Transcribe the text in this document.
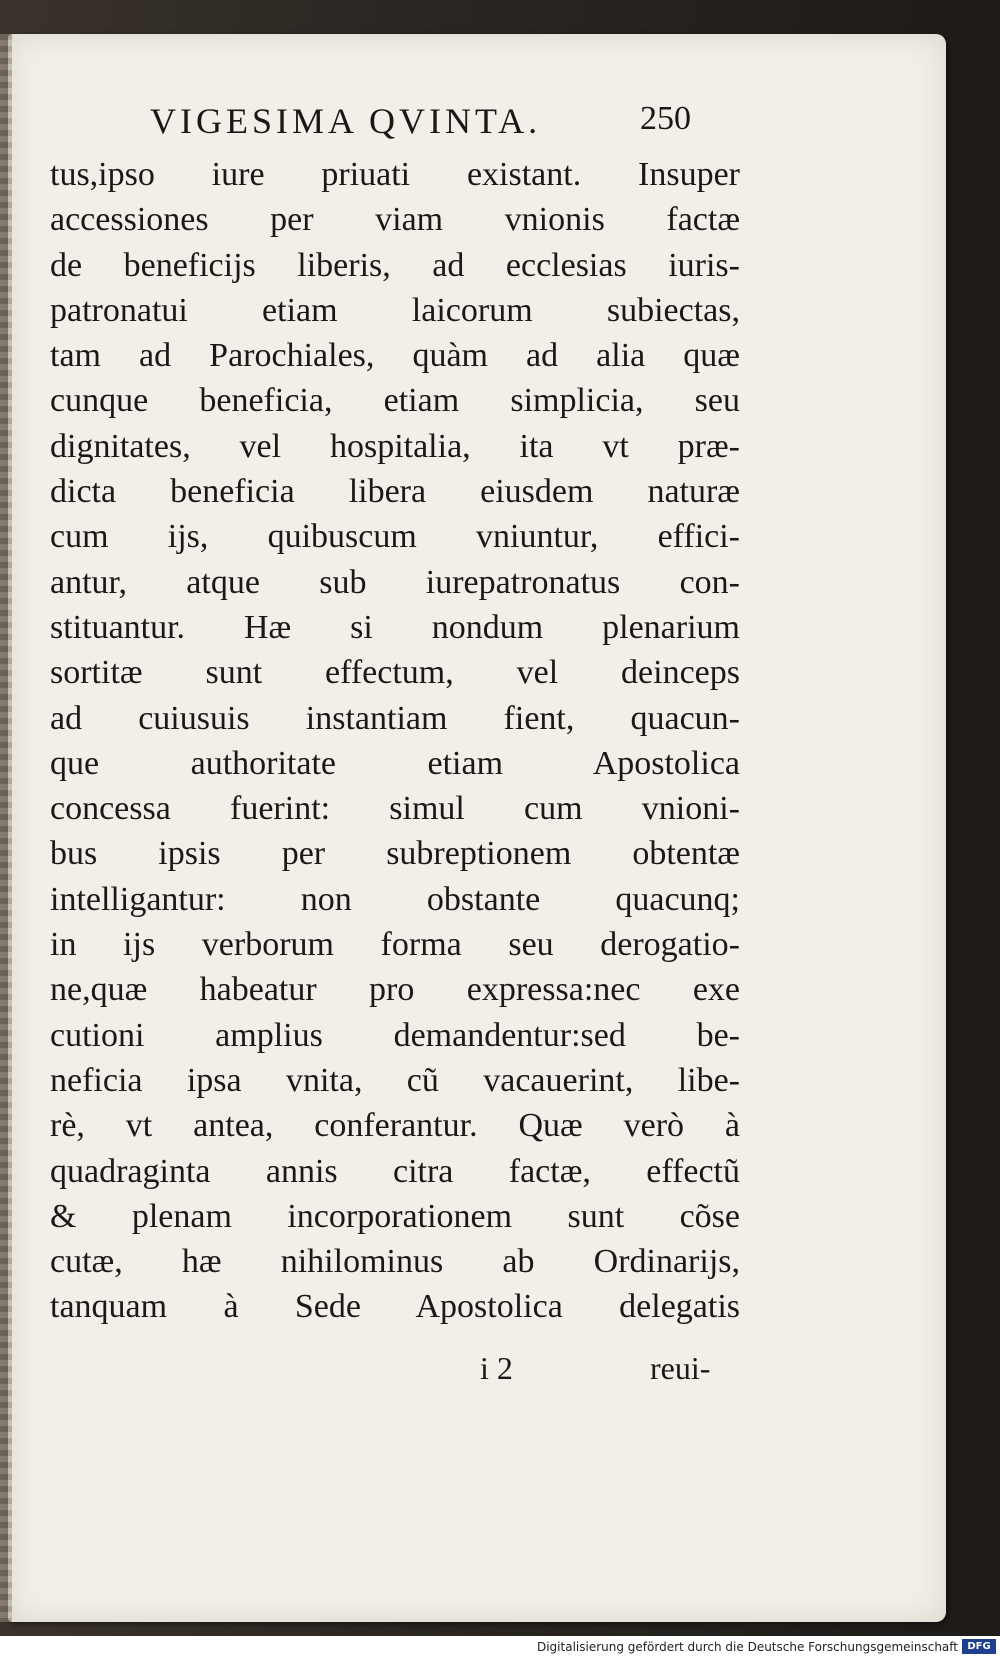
VIGESIMA QVINTA.	250
tus,ipso iure priuati existant. Insuper
accessiones per viam vnionis factæ
de beneficijs liberis, ad ecclesias iuris-
patronatui etiam laicorum subiectas,
tam ad Parochiales, quàm ad alia quæ
cunque beneficia, etiam simplicia, seu
dignitates, vel hospitalia, ita vt præ-
dicta beneficia libera eiusdem naturæ
cum ijs, quibuscum vniuntur, effici-
antur, atque sub iurepatronatus con-
stituantur. Hæ si nondum plenarium
sortitæ sunt effectum, vel deinceps
ad cuiusuis instantiam fient, quacun-
que authoritate etiam Apostolica
concessa fuerint: simul cum vnioni-
bus ipsis per subreptionem obtentæ
intelligantur: non obstante quacunq;
in ijs verborum forma seu derogatio-
ne,quæ habeatur pro expressa:nec exe
cutioni amplius demandentur:sed be-
neficia ipsa vnita, cũ vacauerint, libe-
rè, vt antea, conferantur. Quæ verò à
quadraginta annis citra factæ, effectũ
& plenam incorporationem sunt cõse
cutæ, hæ nihilominus ab Ordinarijs,
tanquam à Sede Apostolica delegatis
i 2	reui-
Digitalisierung gefördert durch die Deutsche Forschungsgemeinschaft DFG
